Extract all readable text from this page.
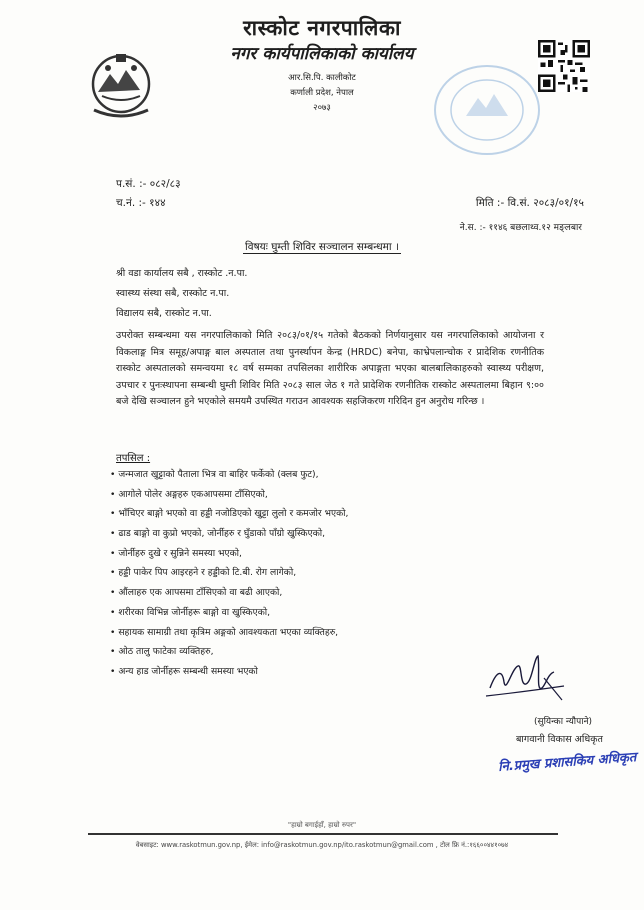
रास्कोट नगरपालिका
नगर कार्यपालिकाको कार्यालय
आर.सि.पि. कालीकोट
कर्णाली प्रदेश, नेपाल
२०७३
प.सं. :- ०८२/८३
च.नं. :- १४४	मिति :- वि.सं. २०८३/०१/१५
ने.स. :- ११४६ बछलाथ्व.१२ मङ्लबार
विषयः घुम्ती शिविर सञ्चालन सम्बन्धमा ।
श्री वडा कार्यालय सबै , रास्कोट .न.पा.
स्वास्थ्य संस्था सबै, रास्कोट न.पा.
विद्यालय सबै, रास्कोट न.पा.
उपरोक्त सम्बन्धमा यस नगरपालिकाको मिति २०८३/०१/१५ गतेको बैठकको निर्णयानुसार यस नगरपालिकाको आयोजना र विकलाङ्ग मित्र समूह/अपाङ्ग बाल अस्पताल तथा पुनर्स्थापन केन्द्र (HRDC) बनेपा, काभ्रेपलान्चोक र प्रादेशिक रणनीतिक रास्कोट अस्पतालको समन्वयमा १८ वर्ष सम्मका तपसिलका शारीरिक अपाङ्गता भएका बालबालिकाहरुको स्वास्थ्य परीक्षण, उपचार र पुनःस्थापना सम्बन्धी घुम्ती शिविर मिति २०८३ साल जेठ १ गते प्रादेशिक रणनीतिक रास्कोट अस्पतालमा बिहान ९:०० बजे देखि सञ्चालन हुने भएकोले समयमै उपस्थित गराउन आवश्यक सहजिकरण गरिदिन हुन अनुरोध गरिन्छ ।
तपसिल :
• जन्मजात खुट्टाको पैताला भित्र वा बाहिर फर्केको (क्लब फुट),
• आगोले पोलेर अङ्गहरु एकआपसमा टाँसिएको,
• भाँचिएर बाङ्गो भएको वा हड्डी नजोडिएको खुट्टा लुलो र कमजोर भएको,
• ढाड बाङ्गो वा कुप्रो भएको, जोर्नीहरु र घुँडाको पाँग्रो खुस्किएको,
• जोर्नीहरु दुखे र सुन्निने समस्या भएको,
• हड्डी पाकेर पिप आइरहने र हड्डीको टि.बी. रोग लागेको,
• औंलाहरु एक आपसमा टाँसिएको वा बढी आएको,
• शरीरका विभिन्न जोर्नीहरू बाङ्गो वा खुस्किएको,
• सहायक सामाग्री तथा कृत्रिम अङ्गको आवश्यकता भएका व्यक्तिहरु,
• ओठ तालु फाटेका व्यक्तिहरु,
• अन्य हाड जोर्नीहरू सम्बन्धी समस्या भएको
(सुयिन्का न्यौपाने)
बागवानी विकास अधिकृत
नि.प्रमुख प्रशासकिय अधिकृत
"हाम्रो बगाईहाँ, हाम्रो रुपर"
वेबसाइट: www.raskotmun.gov.np, ईमेल: info@raskotmun.gov.np/ito.raskotmun@gmail.com , टोल फ्रि नं.:१६६००४४१०७४
